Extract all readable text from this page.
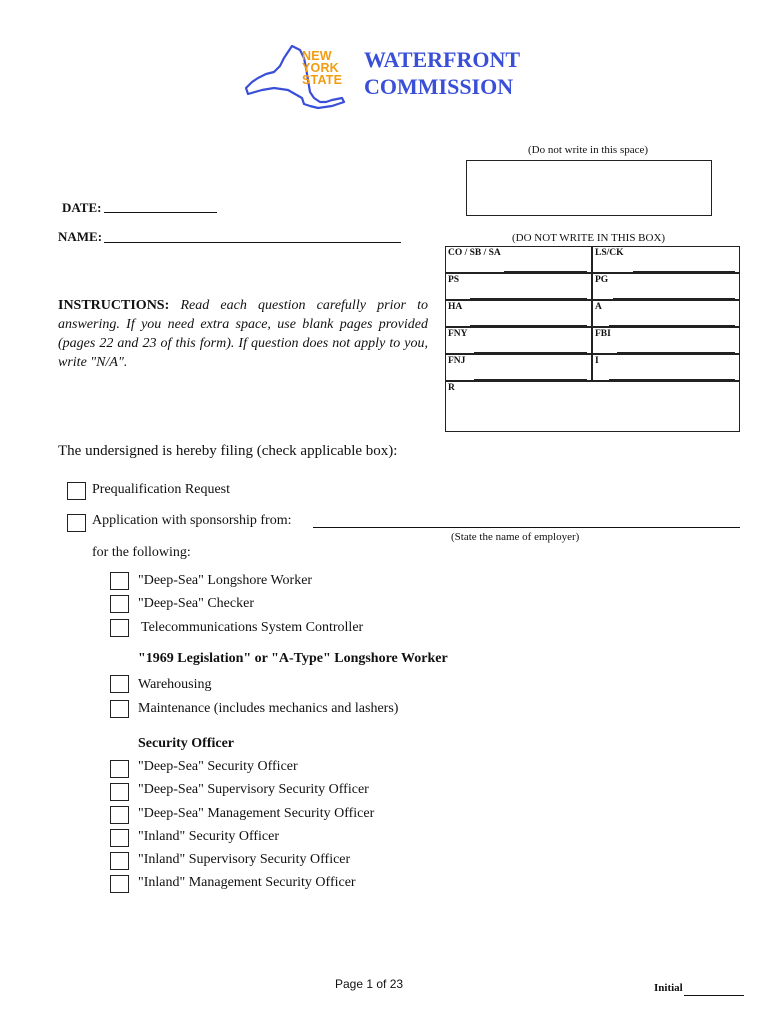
NEW
YORK
STATE
WATERFRONT
COMMISSION
(Do not write in this space)
DATE:
NAME:	(DO NOT WRITE IN THIS BOX)
CO / SB / SA	LS/CK
PS	PG
HA	A
FNY	FBI
FNJ	I
R
INSTRUCTIONS: Read each question carefully prior to answering. If you need extra space, use blank pages provided (pages 22 and 23 of this form). If question does not apply to you, write "N/A".
The undersigned is hereby filing (check applicable box):
Prequalification Request
Application with sponsorship from:
(State the name of employer)
for the following:
"Deep-Sea" Longshore Worker
"Deep-Sea" Checker
Telecommunications System Controller
"1969 Legislation" or "A-Type" Longshore Worker
Warehousing
Maintenance (includes mechanics and lashers)
Security Officer
"Deep-Sea" Security Officer
"Deep-Sea" Supervisory Security Officer
"Deep-Sea" Management Security Officer
"Inland" Security Officer
"Inland" Supervisory Security Officer
"Inland" Management Security Officer
Page 1 of 23	Initial
